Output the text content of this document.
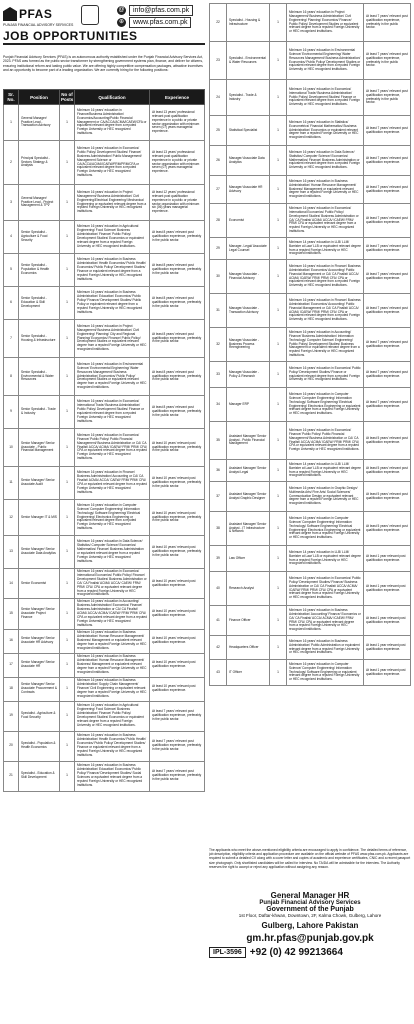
PFAS
PUNJAB FINANCIAL ADVISORY SERVICES
@	info@pfas.com.pk
⊕	www.pfas.com.pk
JOB OPPORTUNITIES
Punjab Financial Advisory Services (PFAS) is an autonomous authority established under the Punjab Financial Advisory Services Act, 2023. PFAS was formed as the public sector transformer by strengthening government systems plan, finance, and deliver for citizens, ensuring institutional reform and lasting public value. We are offering highly competitive compensation packages, attractive incentives and an opportunity to become part of a leading organization. We are currently hiring for the following positions:
Sr. No.	Position	No of Posts	Qualification	Experience
1	General Manager/ Practice Lead - Transaction Advisory	1	Minimum 16 years' education in Finance/Business Administration/ Economics/Accounting/Public Financial Management or CA/ACCA/ACMA/ICAEW/CFA or equivalent relevant degree from a reputed Foreign University or HEC recognized institutions.	At least 13 years' professional relevant post qualification experience in a public or private sector organization with minimum seven (07) years managerial experience.
2	Principal Specialist - Sectors Strategy & Analysis	1	Minimum 16 years' education in Economics/ Public Policy/ Development Studies/ Finance/ Business Administration/ Public Management/ Management Science or CA/ACCA/ACMA/ICAEW/FRM/PRM/CFA or equivalent relevant degree from a reputed Foreign University or HEC recognized institutions.	At least 13 years' professional relevant post qualification experience in a public or private sector organization with minimum seven (07) years managerial experience.
3	General Manager/ Practice Lead - Project Management & TPV	1	Minimum 16 years' education in Project Management/ Business Administration/ Civil Engineering/Electrical Engineering/ Mechanical Engineering or equivalent relevant degree from a reputed Foreign University or HEC recognized institutions.	At least 12 years' professional relevant post qualification experience in a public or private sector organization with minimum six (06) years managerial experience.
4	Senior Specialist - Agriculture & Food Security	1	Minimum 16 years' education in Agricultural Engineering/ Food Science/ Business Administration/ Finance/ Public Policy/ Development Studies/ Economics or equivalent relevant degree from a reputed Foreign University or HEC recognized institutions.	At least 8 years' relevant post qualification experience, preferably in the public sector.
5	Senior Specialist - Population & Health Economics	1	Minimum 16 years' education in Business Administration/ Health Economics/ Public Health/ Economics/ Public Policy/ Development Studies/ Finance or equivalent relevant degree from a reputed Foreign University or HEC recognized institutions.	At least 8 years' relevant post qualification experience, preferably in the public sector.
6	Senior Specialist - Education & Skill Development	1	Minimum 16 years' education in Business Administration/ Education/ Economics/ Public Policy/ Finance/ Development Studies/ Public Policy or equivalent relevant degree from a reputed Foreign University or HEC recognized institutions.	At least 8 years' relevant post qualification experience, preferably in the public sector.
7	Senior Specialist - Housing & Infrastructure	1	Minimum 16 years' education in Project Management/ Business Administration/ Civil Engineering/ Planning/ City and Regional Planning/ Economics/ Finance/ Public Policy/ Development Studies or equivalent relevant degree from a reputed Foreign University or HEC recognized institutions.	At least 8 years' relevant post qualification experience, preferably in the public sector.
8	Senior Specialist - Environmental & Water Resources	1	Minimum 16 years' education in Environmental Science/ Environmental Engineering/ Water Resources Management/ Business Administration/ Economics/ Public Policy/ Development Studies or equivalent relevant degree from a reputed Foreign University or HEC recognized institutions.	At least 8 years' relevant post qualification experience, preferably in the public sector.
9	Senior Specialist - Trade & Industry	1	Minimum 16 years' education in Economics/ International Trade/ Business Administration/ Public Policy/ Development Studies/ Finance or equivalent relevant degree from a reputed Foreign University or HEC recognized institutions.	At least 8 years' relevant post qualification experience, preferably in the public sector.
10	Senior Manager/ Senior Associate - Public Financial Management	1	Minimum 16 years' education in Economics/ Finance/ Public Policy/ Public Financial Management/ Business Administration or CA/ CA Finalist/ ACCA/ ACMA/ ICAEW/ FRM/ PRM/ CFA/ CPA or equivalent relevant degree from a reputed Foreign University or HEC recognized institutions.	At least 10 years' relevant post qualification experience, preferably in the public sector.
11	Senior Manager/ Senior Associate Audit	1	Minimum 16 years' education in Finance/ Business Administration/ Accounting or CA/ CA Finalist/ ACMA/ ACCA/ CAEW/ FRM/ PRM/ CFA/ CPA or equivalent relevant degree from a reputed Foreign University or HEC recognized institutions.	At least 10 years' relevant post qualification experience, preferably in the public sector.
12	Senior Manager IT & MIS	1	Minimum 16 years' education in Computer Science/ Computer Engineering/ Information Technology/ Software Engineering/ Electrical Engineering/ Electronics Engineering or equivalent relevant degree from a reputed Foreign University or HEC recognized institutions.	At least 10 years' relevant post qualification experience, preferably in the public sector.
13	Senior Manager/ Senior Associate Data Analytics	1	Minimum 16 years' education in Data Science/ Statistics/ Computer Science/ Economics/ Mathematics/ Finance/ Business Administration or equivalent relevant degree from a reputed Foreign University or HEC recognized institutions.	At least 10 years' relevant post qualification experience, preferably in the public sector.
14	Senior Economist	1	Minimum 16 years' education in Economics/ International Economics/ Public Policy/ Finance/ Development Studies/ Business Administration or CA/ CA Finalist/ ACMA/ ACCA/ CAEW/ FRM/ PRM/ CFA/ CPA or equivalent relevant degree from a reputed Foreign University or HEC recognized institutions.	At least 10 years' relevant post qualification experience.
15	Senior Manager/ Senior Associate Project Finance	1	Minimum 16 years' education in Accounting/ Business Administration/ Economics/ Finance/ Business Administration or CA/ CA Finalist/ ACMA/ ACCA/ ACMA/ ICAEW/ FRM/ PRM/ CFA/ CPA or equivalent relevant degree from a reputed Foreign University or HEC recognized institutions.	At least 10 years' relevant post qualification experience.
16	Senior Manager/ Senior Associate HR Advisory	1	Minimum 16 years' education in Business Administration/ Human Resource Management/ Business/ Management or equivalent relevant degree from a reputed Foreign University or HEC recognized institutions.	At least 10 years' relevant post qualification experience.
17	Senior Manager/ Senior Associate HR	1	Minimum 16 years' education in Business Administration/ Human Resource Management/ Business/ Management or equivalent relevant degree from a reputed Foreign University or HEC recognized institutions.	At least 10 years' relevant post qualification experience.
18	Senior Manager/ Senior Associate Procurement & Contracts	1	Minimum 16 years' education in Business Administration/ Supply Chain Management/ Finance/ Civil Engineering or equivalent relevant degree from a reputed Foreign University or HEC recognized institutions.	At least 10 years' relevant post qualification experience.
19	Specialist - Agriculture & Food Security	1	Minimum 16 years' education in Agricultural Engineering/ Food Science/ Business Administration/ Finance/ Public Policy/ Development Studies/ Economics or equivalent relevant degree from a reputed Foreign University or HEC recognized institutions.	At least 7 years' relevant post qualification experience, preferably in the public sector.
20	Specialist - Population & Health Economics	1	Minimum 16 years' education in Business Administration/ Health Economics/ Public Health/ Economics/ Public Policy/ Development Studies/ Finance or equivalent relevant degree from a reputed Foreign University or HEC recognized institutions.	At least 7 years' relevant post qualification experience, preferably in the public sector.
21	Specialist - Education & Skill Development	1	Minimum 16 years' education in Business Administration/ Education/ Economics/ Public Policy/ Finance/ Development Studies/ Social Sciences or equivalent relevant degree from a reputed Foreign University or HEC recognized institutions.	At least 7 years' relevant post qualification experience, preferably in the public sector.
22	Specialist - Housing & Infrastructure	1	Minimum 16 years' education in Project Management/ Business Administration/ Civil Engineering/ Planning/ Economics/ Finance/ Public Policy/ Development Studies or equivalent relevant degree from a reputed Foreign University or HEC recognized institutions.	At least 7 years' relevant post qualification experience, preferably in the public sector.
23	Specialist - Environmental & Water Resources	1	Minimum 16 years' education in Environmental Science/ Environmental Engineering/ Water Resources Management/ Business Administration/ Economics/ Public Policy/ Development Studies or equivalent relevant degree from a reputed Foreign University or HEC recognized institutions.	At least 7 years' relevant post qualification experience, preferably in the public sector.
24	Specialist - Trade & Industry	1	Minimum 16 years' education in Economics/ International Trade/ Business Administration/ Public Policy/ Development Studies/ Finance or equivalent relevant degree from a reputed Foreign University or HEC recognized institutions.	At least 7 years' relevant post qualification experience, preferably in the public sector.
25	Statistical Specialist	1	Minimum 16 years' education in Statistics/ Econometrics/ Financial Mathematics/ Business Administration/ Economics or equivalent relevant degree from a reputed Foreign University or HEC recognized institutions.	At least 7 years' relevant post qualification experience.
26	Manager/ Associate Data Analytics	1	Minimum 16 years' education in Data Science/ Statistics/ Computer Science/ Economics/ Mathematics/ Finance/ Business Administration or equivalent relevant degree from a reputed Foreign University or HEC recognized institutions.	At least 7 years' relevant post qualification experience.
27	Manager/ Associate HR Advisory	1	Minimum 16 years' education in Business Administration/ Human Resource Management/ Business/ Management or equivalent relevant degree from a reputed Foreign University or HEC recognized institutions.	At least 7 years' relevant post qualification experience.
28	Economist	1	Minimum 16 years' education in Economics/ International Economics/ Public Policy/ Development Studies/ Business Administration or CA/ CA Finalist/ ACMA/ ACCA/ ICAEW/ FRM/ PRM/ CFA or equivalent relevant degree from a reputed Foreign University or HEC recognized institutions.	At least 7 years' relevant post qualification experience.
29	Manager- Legal/ Associate Legal Counsel	1	Minimum 14 years' education in LLB/ LLM/ Barrister at Law/ LLB or equivalent relevant degree from a reputed Foreign University or HEC recognized institutions.	At least 7 years' relevant post qualification experience.
30	Manager/ Associate - Financial Advisory	1	Minimum 16 years' education in Finance/ Business Administration/ Economics/ Accounting/ Public Financial Management or CA/ CA Finalist/ ACCA/ ACMA/ ICAEW/ FRM/ PRM/ CFA/ CPA or equivalent relevant degree from a reputed Foreign University or HEC recognized institutions.	At least 7 years' relevant post qualification experience.
31	Manager/ Associate - Transaction Advisory	1	Minimum 16 years' education in Finance/ Business Administration/ Economics/ Accounting/ Public Financial Management or CA/ CA Finalist/ ACCA/ ACMA/ ICAEW/ FRM/ PRM/ CFA/ CPA or equivalent relevant degree from a reputed Foreign University or HEC recognized institutions.	At least 7 years' relevant post qualification experience.
32	Manager/ Associate - Business Process Reengineering	1	Minimum 16 years' education in Accounting/ Finance/ Business Administration/ Information Technology/ Computer Science/ Engineering/ Public Policy/ Development Studies/ Business Management or equivalent relevant degree from a reputed Foreign University or HEC recognized institutions.	At least 7 years' relevant post qualification experience.
33	Manager/ Associate - Policy & Research	1	Minimum 16 years' education in Economics/ Public Policy/ Development Studies/ Finance or equivalent relevant degree from a reputed Foreign University or HEC recognized institutions.	At least 7 years' relevant post qualification experience.
34	Manager ERP	1	Minimum 16 years' education in Computer Science/ Computer Engineering/ Information Technology/ Software Engineering/ Electrical Engineering/ Electronics Engineering or equivalent relevant degree from a reputed Foreign University or HEC recognized institutions.	At least 7 years' relevant post qualification experience.
35	Assistant Manager/ Senior Analyst - Public Financial Management	1	Minimum 16 years' education in Economics/ Finance/ Public Policy/ Public Financial Management/ Business Administration or CA/ CA Finalist/ ACCA/ ACMA/ ICAEW/ FRM/ PRM/ CFA/ CPA or equivalent relevant degree from a reputed Foreign University or HEC recognized institutions.	At least 5 years' relevant post qualification experience.
36	Assistant Manager/ Senior Analyst Legal	1	Minimum 14 years' education in LLB/ LLM/ Barrister at Law/ LLB or equivalent relevant degree from a reputed Foreign University or HEC recognized institutions.	At least 5 years' relevant post qualification experience.
37	Assistant Manager/ Senior Analyst Graphic Designer	1	Minimum 16 years' education in Graphic Design/ Multimedia Arts/ Fine Arts/ Social Sciences/ Communication Design or equivalent relevant degree from a reputed Foreign University or HEC recognized institutions.	At least 5 years' relevant post qualification experience.
38	Assistant Manager/ Senior Analyst - IT Infrastructure & Network	1	Minimum 16 years' education in Computer Science/ Computer Engineering/ Information Technology/ Software Engineering/ Electrical Engineering/ Electronics Engineering or equivalent relevant degree from a reputed Foreign University or HEC recognized institutions.	At least 5 years' relevant post qualification experience.
39	Law Officer	1	Minimum 14 years' education in LLB/ LLM/ Barrister at Law/ LLB or equivalent relevant degree from a reputed Foreign University or HEC recognized institutions.	At least 1 year relevant post qualification experience.
40	Research Analyst	1	Minimum 16 years' education in Economics/ Public Policy/ Development Studies/ Finance/ Business Administration or CA/ CA Finalist/ ACCA/ ACMA/ ICAEW/ FRM/ PRM/ CFA/ CPA or equivalent relevant degree from a reputed Foreign University or HEC recognized institutions.	At least 1 year relevant post qualification experience.
41	Finance Officer	1	Minimum 16 years' education in Business Administration/ Accounting/ Finance/ Economics or CA/ CA Finalist/ ACCA/ ACMA/ ICAEW/ FRM/ PRM/ CFA/ CPA or equivalent relevant degree from a reputed Foreign University or HEC recognized institutions.	At least 1 year relevant post qualification experience.
42	Headquarters Officer	1	Minimum 16 years' education in Business Administration/ Public Administration or equivalent relevant degree from a reputed Foreign University or HEC recognized institutions.	At least 1 year relevant post qualification experience.
43	IT Officer	1	Minimum 16 years' education in Computer Science/ Computer Engineering/ Information Technology/ Software Engineering or equivalent relevant degree from a reputed Foreign University or HEC recognized institutions.	At least 1 year relevant post qualification experience.
The applicants who meet the above-mentioned eligibility criteria are encouraged to apply in confidence. The detailed terms of reference, job description, eligibility criteria and application procedure are available on the official website of PFAS www.pfas.com.pk. Applicants are required to submit a detailed CV along with a cover letter and copies of academic and experience certificates, CNIC and a recent passport size photograph. Only shortlisted candidates will be called for interview. No TA/DA will be admissible for the interview. The Authority reserves the right to accept or reject any application without assigning any reason.
General Manager HR
Punjab Financial Advisory Services
Government of the Punjab
1st Floor, Daftar-khwan, Downtown, 2F, Kalma Chowk, Gulberg, Lahore
Gulberg, Lahore Pakistan
gm.hr.pfas@punjab.gov.pk
IPL-3596 +92 (0) 42 99213664
